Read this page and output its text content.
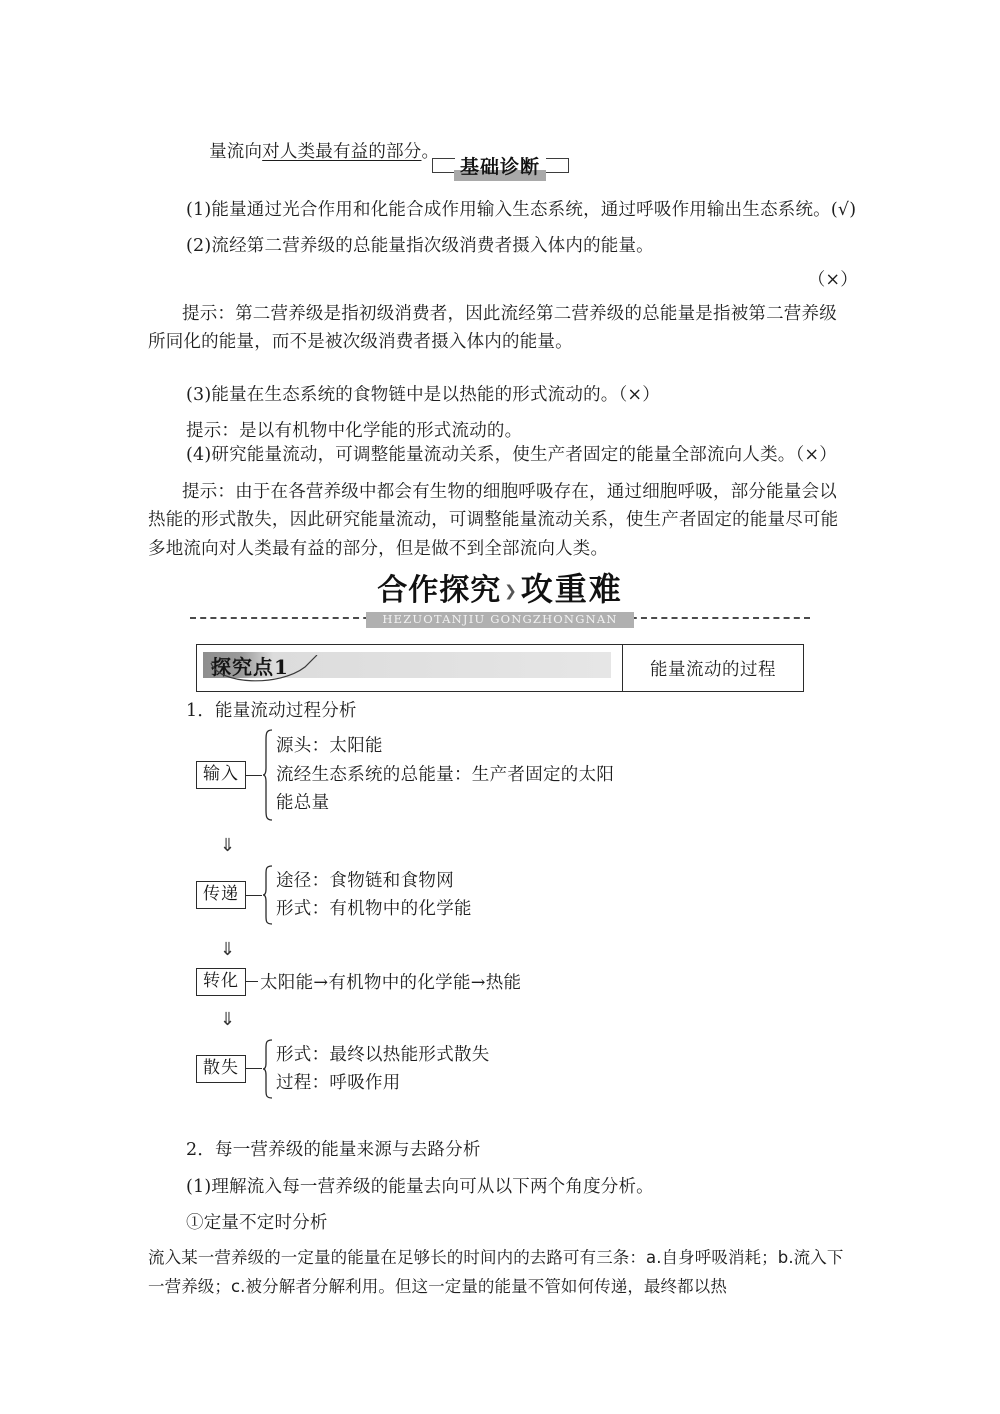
量流向对人类最有益的部分。

基础诊断
(1)能量通过光合作用和化能合成作用输入生态系统，通过呼吸作用输出生态系统。(√)
(2)流经第二营养级的总能量指次级消费者摄入体内的能量。
（×）
提示：第二营养级是指初级消费者，因此流经第二营养级的总能量是指被第二营养级所同化的能量，而不是被次级消费者摄入体内的能量。
(3)能量在生态系统的食物链中是以热能的形式流动的。（×）
提示：是以有机物中化学能的形式流动的。
(4)研究能量流动，可调整能量流动关系，使生产者固定的能量全部流向人类。（×）
提示：由于在各营养级中都会有生物的细胞呼吸存在，通过细胞呼吸，部分能量会以热能的形式散失，因此研究能量流动，可调整能量流动关系，使生产者固定的能量尽可能多地流向对人类最有益的部分，但是做不到全部流向人类。
合作探究 ❯攻重难
HEZUOTANJIU GONGZHONGNAN
探究点1	能量流动的过程
1．能量流动过程分析
输入
源头：太阳能
流经生态系统的总能量：生产者固定的太阳
能总量
⇓
传递
途径：食物链和食物网
形式：有机物中的化学能
⇓
转化	太阳能→有机物中的化学能→热能
⇓
散失
形式：最终以热能形式散失
过程：呼吸作用
2．每一营养级的能量来源与去路分析
(1)理解流入每一营养级的能量去向可从以下两个角度分析。
①定量不定时分析
流入某一营养级的一定量的能量在足够长的时间内的去路可有三条：a.自身呼吸消耗；b.流入下一营养级；c.被分解者分解利用。但这一定量的能量不管如何传递，最终都以热
